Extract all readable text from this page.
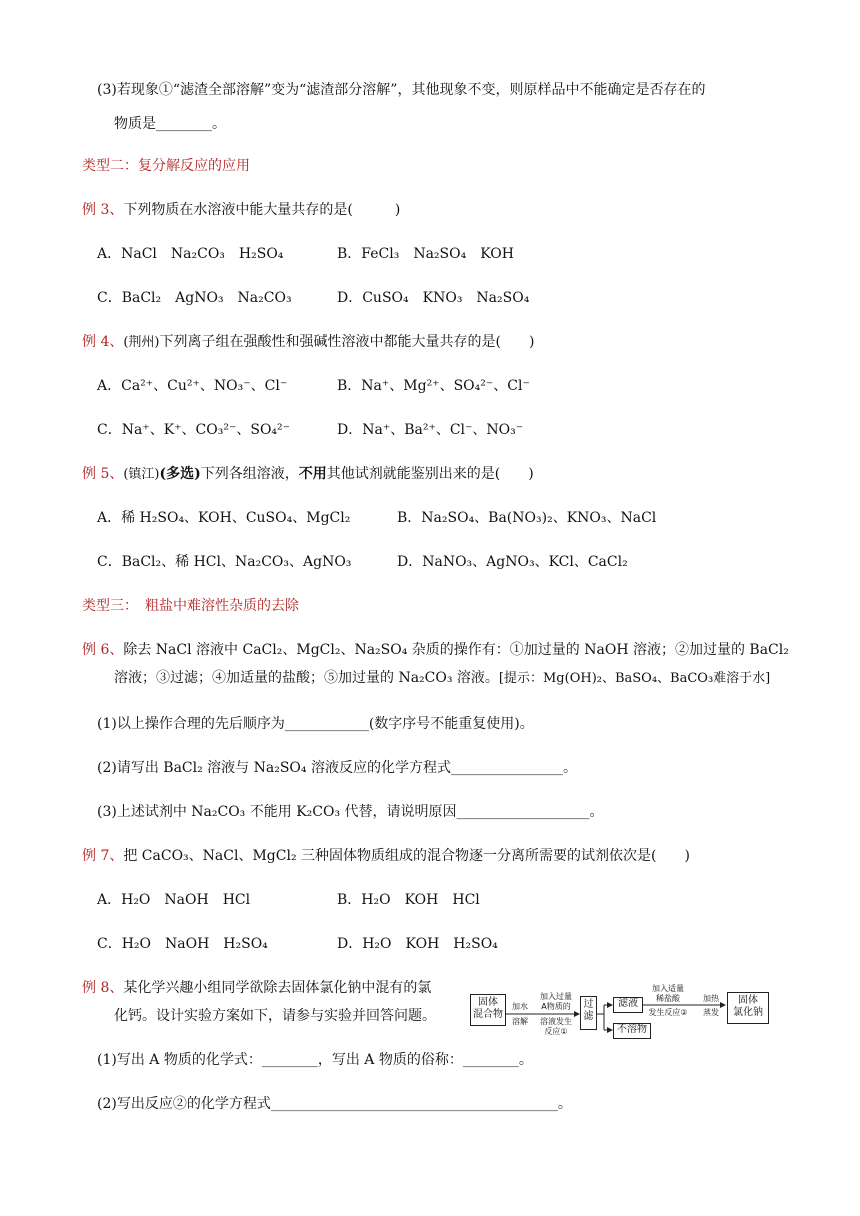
(3)若现象①“滤渣全部溶解”变为“滤渣部分溶解”，其他现象不变，则原样品中不能确定是否存在的
物质是________。
类型二：复分解反应的应用
例 3、下列物质在水溶液中能大量共存的是(　　　)
A．NaCl　Na₂CO₃　H₂SO₄	B．FeCl₃　Na₂SO₄　KOH
C．BaCl₂　AgNO₃　Na₂CO₃	D．CuSO₄　KNO₃　Na₂SO₄
例 4、(荆州)下列离子组在强酸性和强碱性溶液中都能大量共存的是(　　)
A．Ca²⁺、Cu²⁺、NO₃⁻、Cl⁻	B．Na⁺、Mg²⁺、SO₄²⁻、Cl⁻
C．Na⁺、K⁺、CO₃²⁻、SO₄²⁻	D．Na⁺、Ba²⁺、Cl⁻、NO₃⁻
例 5、(镇江)(多选)下列各组溶液，不用其他试剂就能鉴别出来的是(　　)
A．稀 H₂SO₄、KOH、CuSO₄、MgCl₂	B．Na₂SO₄、Ba(NO₃)₂、KNO₃、NaCl
C．BaCl₂、稀 HCl、Na₂CO₃、AgNO₃	D．NaNO₃、AgNO₃、KCl、CaCl₂
类型三：　粗盐中难溶性杂质的去除
例 6、除去 NaCl 溶液中 CaCl₂、MgCl₂、Na₂SO₄ 杂质的操作有：①加过量的 NaOH 溶液；②加过量的 BaCl₂
溶液；③过滤；④加适量的盐酸；⑤加过量的 Na₂CO₃ 溶液。[提示：Mg(OH)₂、BaSO₄、BaCO₃难溶于水]
(1)以上操作合理的先后顺序为____________(数字序号不能重复使用)。
(2)请写出 BaCl₂ 溶液与 Na₂SO₄ 溶液反应的化学方程式________________。
(3)上述试剂中 Na₂CO₃ 不能用 K₂CO₃ 代替，请说明原因___________________。
例 7、把 CaCO₃、NaCl、MgCl₂ 三种固体物质组成的混合物逐一分离所需要的试剂依次是(　　)
A．H₂O　NaOH　HCl	B．H₂O　KOH　HCl
C．H₂O　NaOH　H₂SO₄	D．H₂O　KOH　H₂SO₄
例 8、某化学兴趣小组同学欲除去固体氯化钠中混有的氯
化钙。设计实验方案如下，请参与实验并回答问题。
固体
混合物
加水
溶解
加入过量
A物质的
溶液发生
反应①
过
滤
滤液
不溶物
加入适量
稀盐酸
发生反应②
加热
蒸发
固体
氯化钠
(1)写出 A 物质的化学式：________，写出 A 物质的俗称：________。
(2)写出反应②的化学方程式_________________________________________。
